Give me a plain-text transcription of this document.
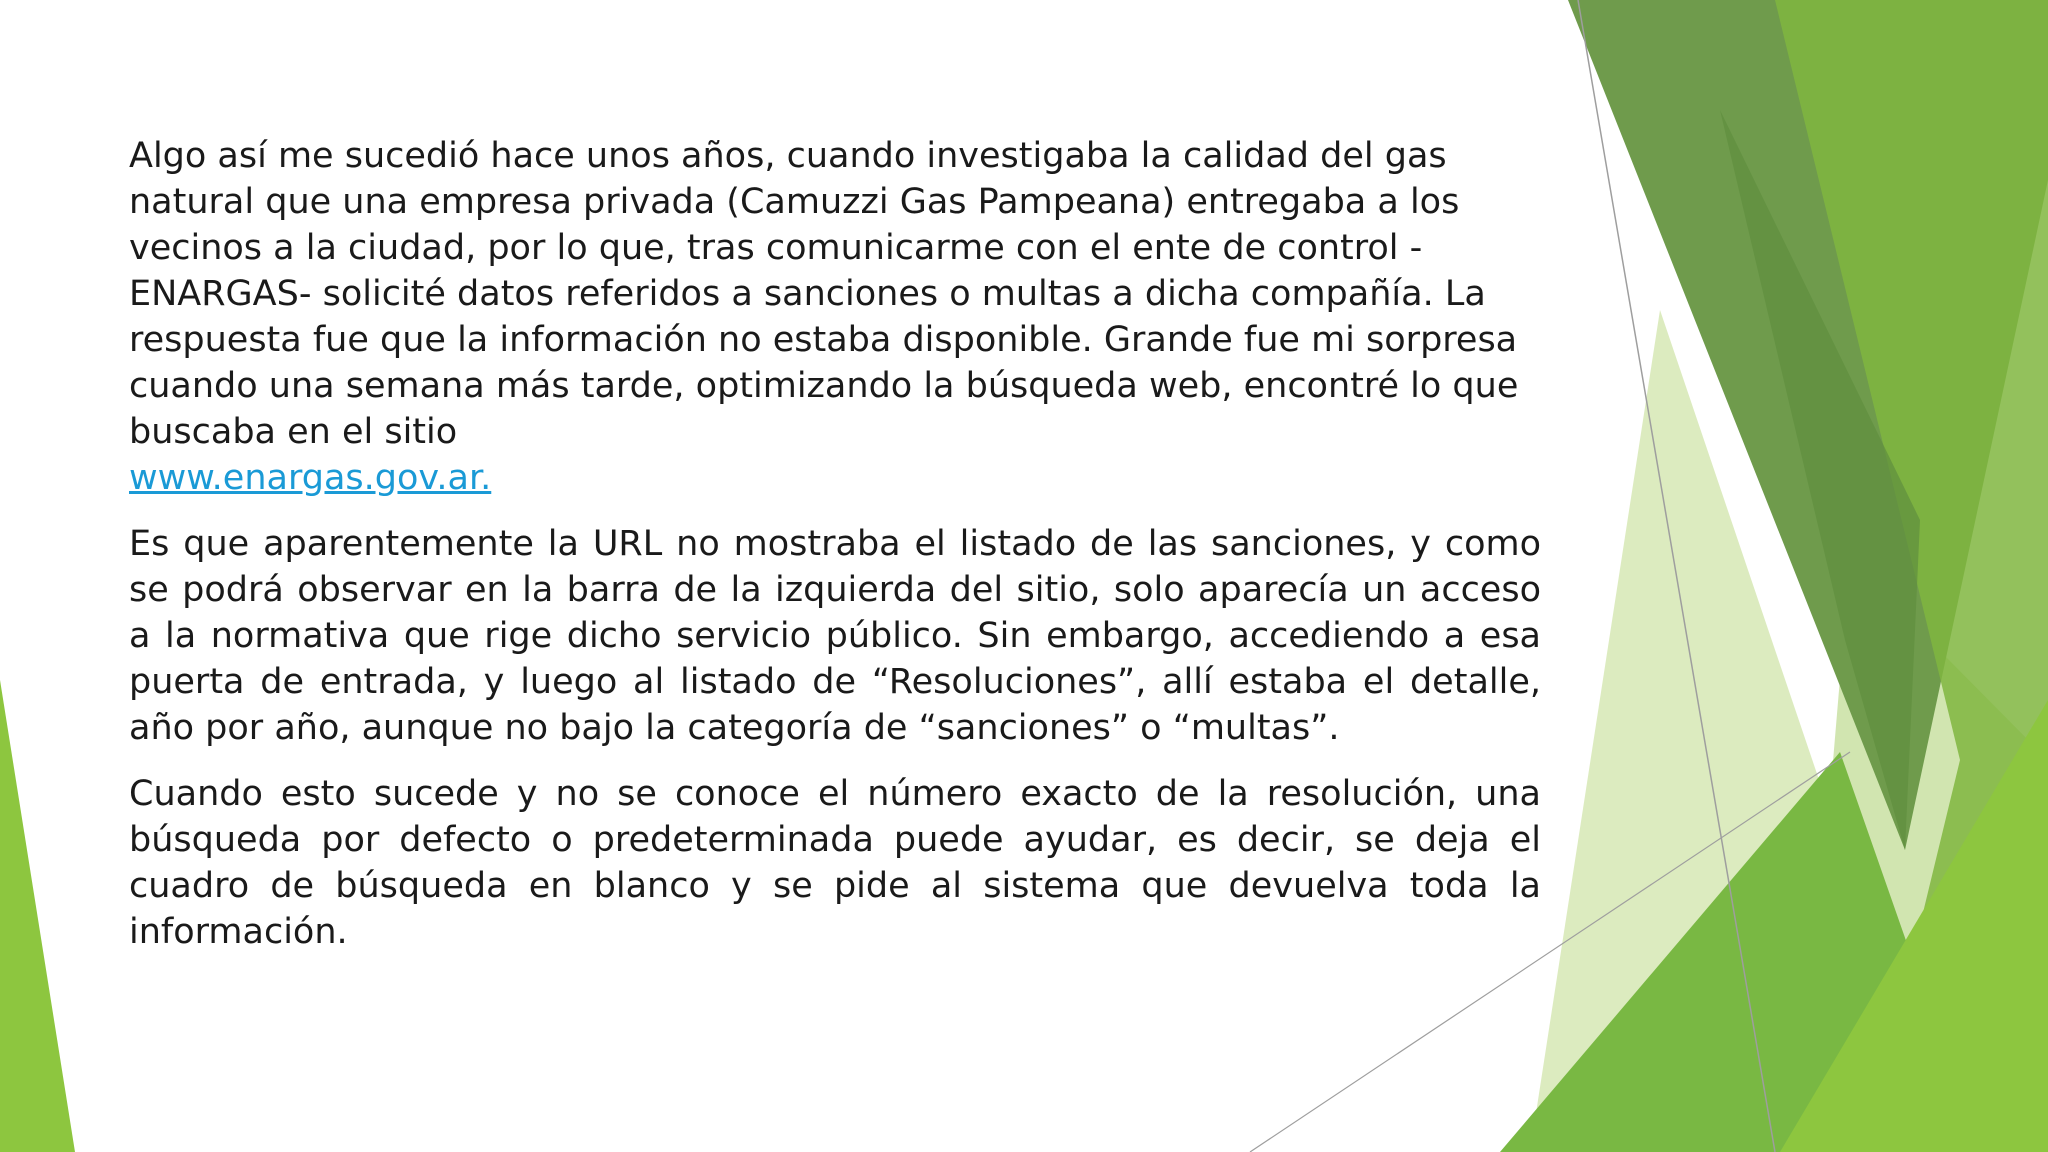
Algo así me sucedió hace unos años, cuando investigaba la calidad del gas natural que una empresa privada (Camuzzi Gas Pampeana) entregaba a los vecinos a la ciudad, por lo que, tras comunicarme con el ente de control -ENARGAS- solicité datos referidos a sanciones o multas a dicha compañía. La respuesta fue que la información no estaba disponible. Grande fue mi sorpresa cuando una semana más tarde, optimizando la búsqueda web, encontré lo que buscaba en el sitio
www.enargas.gov.ar.

Es que aparentemente la URL no mostraba el listado de las sanciones, y como se podrá observar en la barra de la izquierda del sitio, solo aparecía un acceso a la normativa que rige dicho servicio público. Sin embargo, accediendo a esa puerta de entrada, y luego al listado de “Resoluciones”, allí estaba el detalle, año por año, aunque no bajo la categoría de “sanciones” o “multas”.

Cuando esto sucede y no se conoce el número exacto de la resolución, una búsqueda por defecto o predeterminada puede ayudar, es decir, se deja el cuadro de búsqueda en blanco y se pide al sistema que devuelva toda la información.
